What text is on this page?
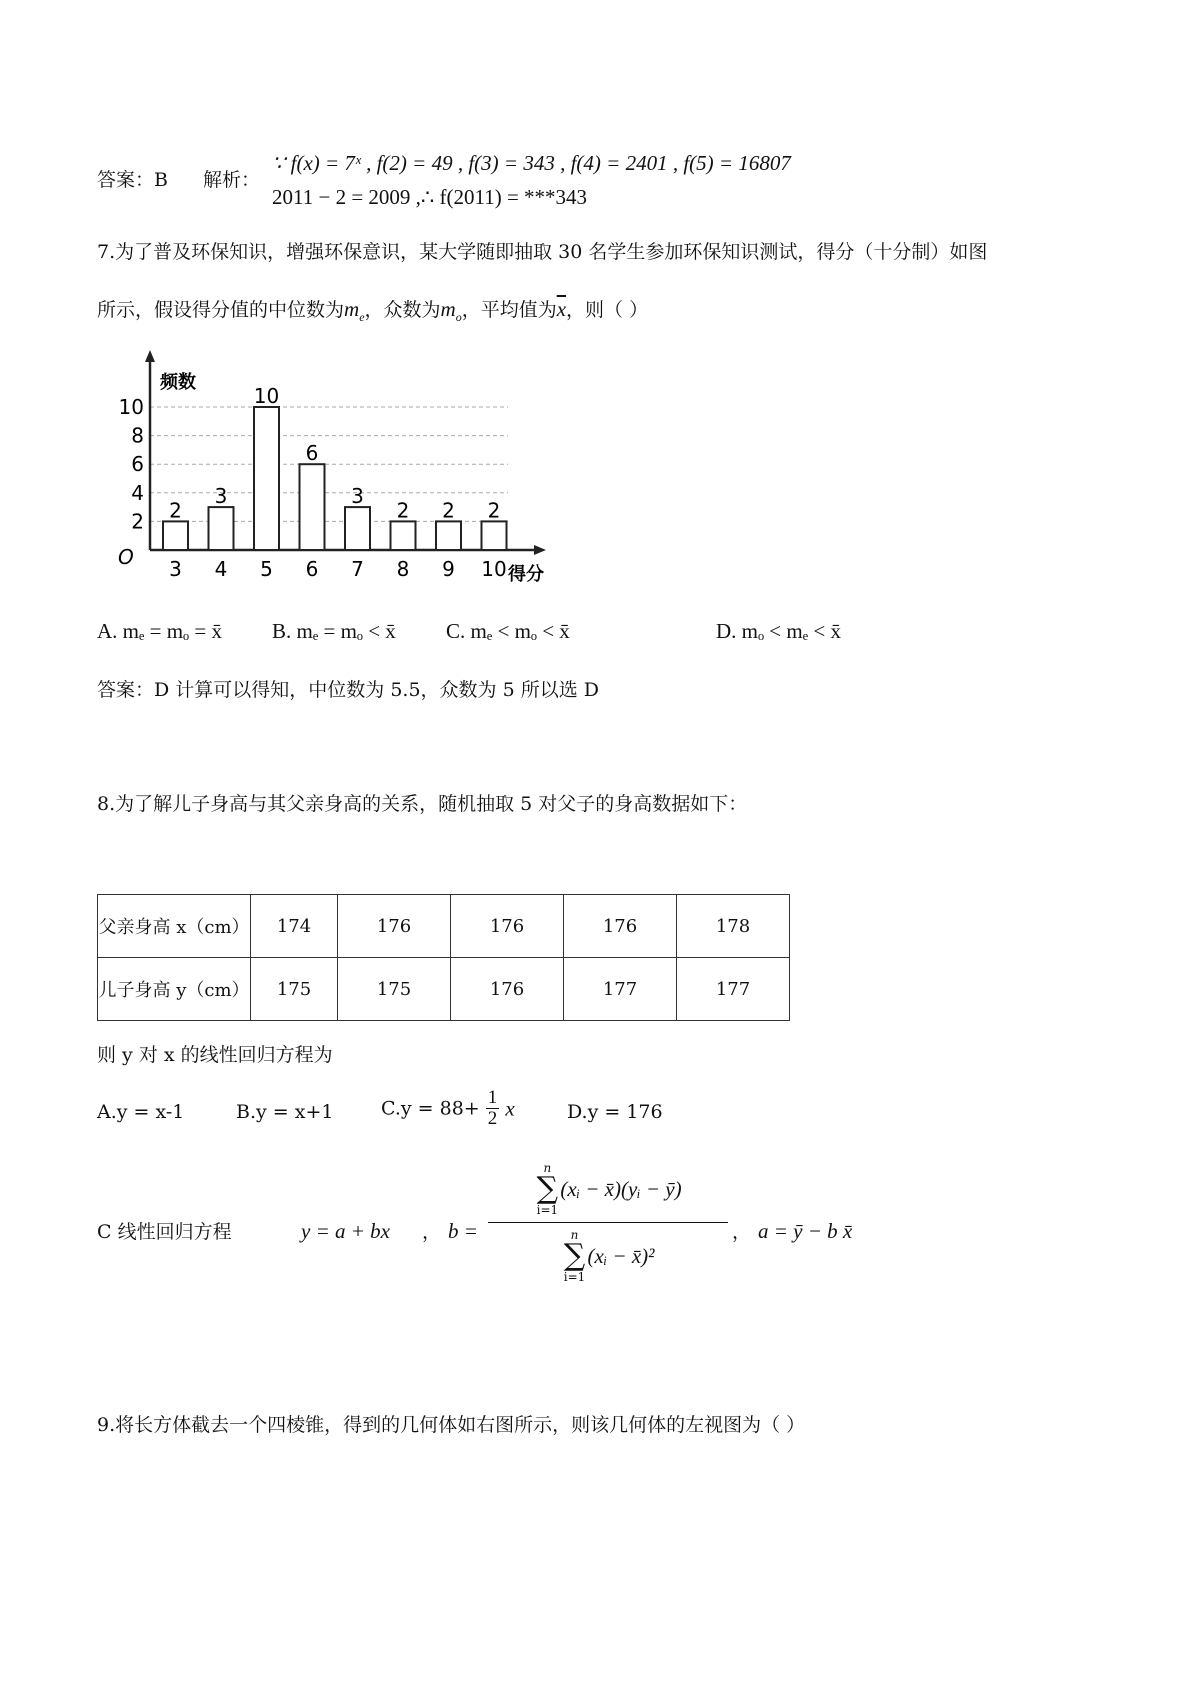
答案：B 解析：
∵ f(x) = 7ˣ , f(2) = 49 , f(3) = 343 , f(4) = 2401 , f(5) = 16807
2011 − 2 = 2009 ,∴ f(2011) = ***343
7.为了普及环保知识，增强环保意识，某大学随即抽取 30 名学生参加环保知识测试，得分（十分制）如图
所示，假设得分值的中位数为$m_e$，众数为$m_o$，平均值为$\overline{x}$，则（ ）
频数
得分
O
10
8
6
4
2 2
3
3
4
10
5
6
6
3
7
2
8
2
9
2
10
A. mₑ = mₒ = x̄ B. mₑ = mₒ < x̄ C. mₑ < mₒ < x̄	D. mₒ < mₑ < x̄
答案：D 计算可以得知，中位数为 5.5，众数为 5 所以选 D
8.为了解儿子身高与其父亲身高的关系，随机抽取 5 对父子的身高数据如下：
父亲身高 x（cm）	174	176	176	176	178
儿子身高 y（cm）	175	175	176	177	177
则 y 对 x 的线性回归方程为
A.y = x-1	B.y = x+1	$C.y = 88+ \frac{1}{2}$ x	D.y = 176
C 线性回归方程	y = a + bx ， b = n
∑
i=1
(xᵢ − x̄)(yᵢ − ȳ)
n
∑
i=1
(xᵢ − x̄)² ， a = ȳ − b x̄
9.将长方体截去一个四棱锥，得到的几何体如右图所示，则该几何体的左视图为（ ）
